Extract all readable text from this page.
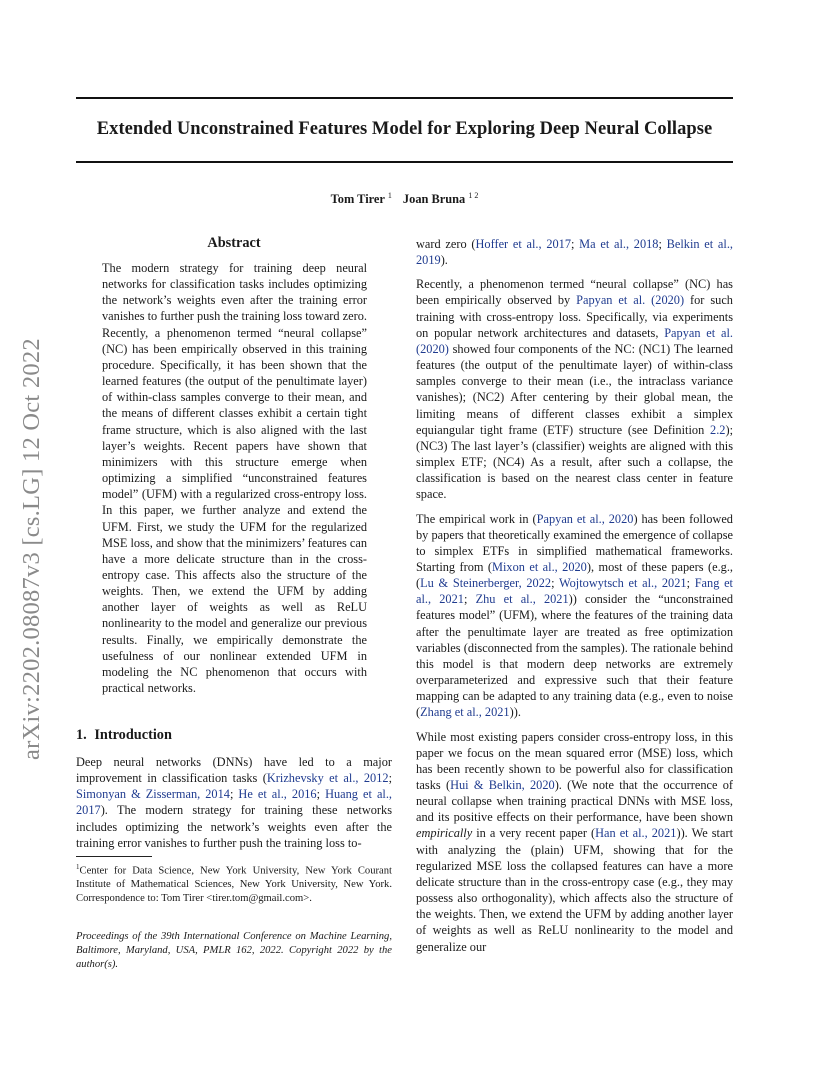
Extended Unconstrained Features Model for Exploring Deep Neural Collapse
Tom Tirer $^1$ Joan Bruna $^{1 2}$
arXiv:2202.08087v3 [cs.LG] 12 Oct 2022
Abstract
The modern strategy for training deep neural networks for classification tasks includes optimizing the network’s weights even after the training error vanishes to further push the training loss toward zero. Recently, a phenomenon termed “neural collapse” (NC) has been empirically observed in this training procedure. Specifically, it has been shown that the learned features (the output of the penultimate layer) of within-class samples converge to their mean, and the means of different classes exhibit a certain tight frame structure, which is also aligned with the last layer’s weights. Recent papers have shown that minimizers with this structure emerge when optimizing a simplified “unconstrained features model” (UFM) with a regularized cross-entropy loss. In this paper, we further analyze and extend the UFM. First, we study the UFM for the regularized MSE loss, and show that the minimizers’ features can have a more delicate structure than in the cross-entropy case. This affects also the structure of the weights. Then, we extend the UFM by adding another layer of weights as well as ReLU nonlinearity to the model and generalize our previous results. Finally, we empirically demonstrate the usefulness of our nonlinear extended UFM in modeling the NC phenomenon that occurs with practical networks.
1. Introduction

Deep neural networks (DNNs) have led to a major improvement in classification tasks (Krizhevsky et al., 2012; Simonyan & Zisserman, 2014; He et al., 2016; Huang et al., 2017). The modern strategy for training these networks includes optimizing the network’s weights even after the training error vanishes to further push the training loss to-

$^1$Center for Data Science, New York University, New York Courant Institute of Mathematical Sciences, New York University, New York. Correspondence to: Tom Tirer <tirer.tom@gmail.com>.
Proceedings of the 39th International Conference on Machine Learning, Baltimore, Maryland, USA, PMLR 162, 2022. Copyright 2022 by the author(s).

ward zero (Hoffer et al., 2017; Ma et al., 2018; Belkin et al., 2019).

Recently, a phenomenon termed “neural collapse” (NC) has been empirically observed by Papyan et al. (2020) for such training with cross-entropy loss. Specifically, via experiments on popular network architectures and datasets, Papyan et al. (2020) showed four components of the NC: (NC1) The learned features (the output of the penultimate layer) of within-class samples converge to their mean (i.e., the intraclass variance vanishes); (NC2) After centering by their global mean, the limiting means of different classes exhibit a simplex equiangular tight frame (ETF) structure (see Definition 2.2); (NC3) The last layer’s (classifier) weights are aligned with this simplex ETF; (NC4) As a result, after such a collapse, the classification is based on the nearest class center in feature space.

The empirical work in (Papyan et al., 2020) has been followed by papers that theoretically examined the emergence of collapse to simplex ETFs in simplified mathematical frameworks. Starting from (Mixon et al., 2020), most of these papers (e.g., (Lu & Steinerberger, 2022; Wojtowytsch et al., 2021; Fang et al., 2021; Zhu et al., 2021)) consider the “unconstrained features model” (UFM), where the features of the training data after the penultimate layer are treated as free optimization variables (disconnected from the samples). The rationale behind this model is that modern deep networks are extremely overparameterized and expressive such that their feature mapping can be adapted to any training data (e.g., even to noise (Zhang et al., 2021)).

While most existing papers consider cross-entropy loss, in this paper we focus on the mean squared error (MSE) loss, which has been recently shown to be powerful also for classification tasks (Hui & Belkin, 2020). (We note that the occurrence of neural collapse when training practical DNNs with MSE loss, and its positive effects on their performance, have been shown empirically in a very recent paper (Han et al., 2021)). We start with analyzing the (plain) UFM, showing that for the regularized MSE loss the collapsed features can have a more delicate structure than in the cross-entropy case (e.g., they may possess also orthogonality), which affects also the structure of the weights. Then, we extend the UFM by adding another layer of weights as well as ReLU nonlinearity to the model and generalize our
